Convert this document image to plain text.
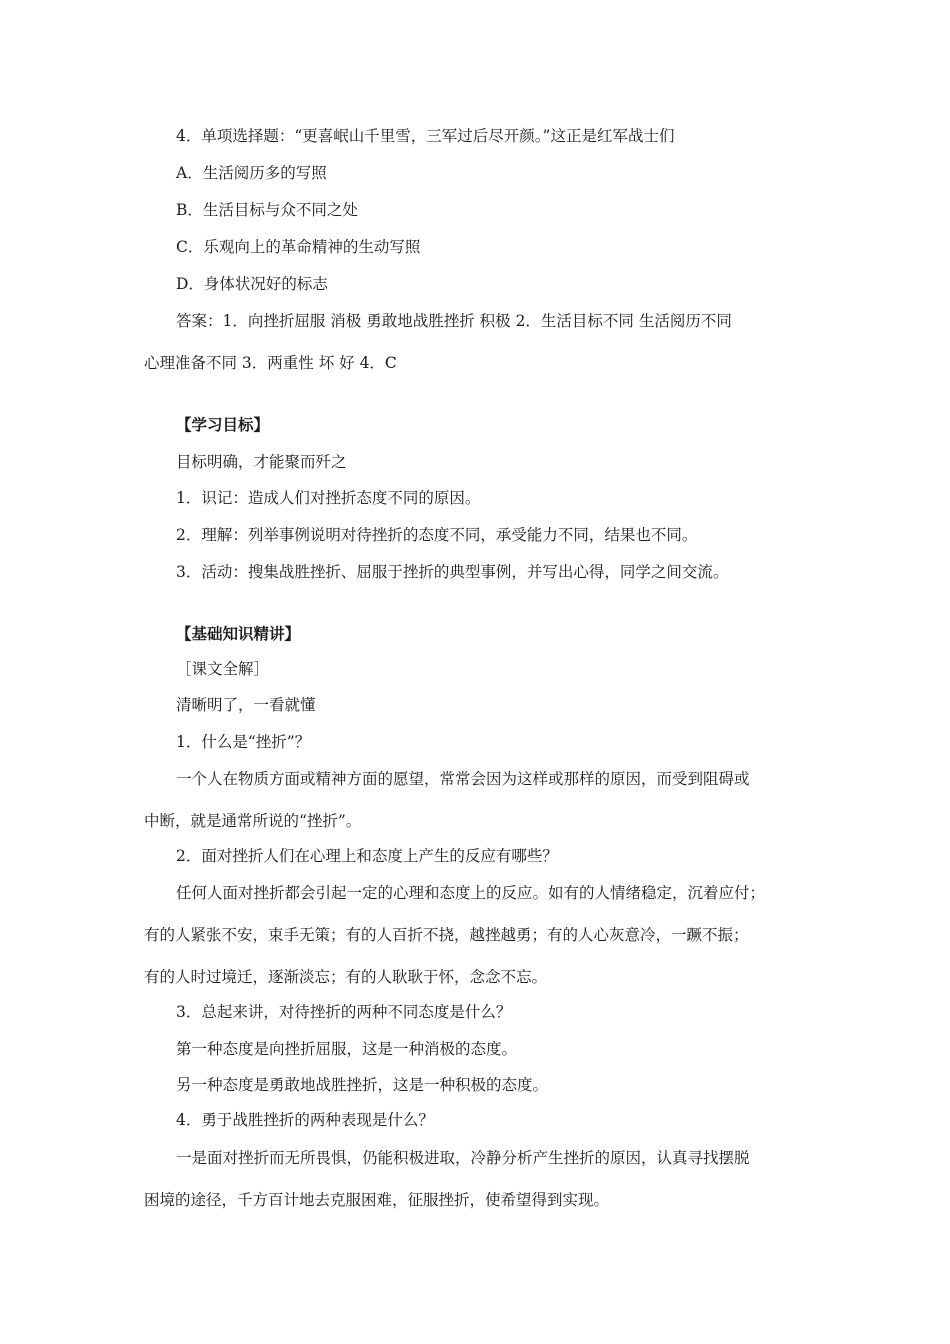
4．单项选择题：“更喜岷山千里雪，三军过后尽开颜。”这正是红军战士们
A．生活阅历多的写照
B．生活目标与众不同之处
C．乐观向上的革命精神的生动写照
D．身体状况好的标志
答案：1．向挫折屈服 消极 勇敢地战胜挫折 积极 2．生活目标不同 生活阅历不同
心理准备不同 3．两重性 坏 好 4．C
【学习目标】
目标明确，才能聚而歼之
1．识记：造成人们对挫折态度不同的原因。
2．理解：列举事例说明对待挫折的态度不同，承受能力不同，结果也不同。
3．活动：搜集战胜挫折、屈服于挫折的典型事例，并写出心得，同学之间交流。
【基础知识精讲】
［课文全解］
清晰明了，一看就懂
1．什么是“挫折”？
一个人在物质方面或精神方面的愿望，常常会因为这样或那样的原因，而受到阻碍或
中断，就是通常所说的“挫折”。
2．面对挫折人们在心理上和态度上产生的反应有哪些？
任何人面对挫折都会引起一定的心理和态度上的反应。如有的人情绪稳定，沉着应付；
有的人紧张不安，束手无策；有的人百折不挠，越挫越勇；有的人心灰意冷，一蹶不振；
有的人时过境迁，逐渐淡忘；有的人耿耿于怀，念念不忘。
3．总起来讲，对待挫折的两种不同态度是什么？
第一种态度是向挫折屈服，这是一种消极的态度。
另一种态度是勇敢地战胜挫折，这是一种积极的态度。
4．勇于战胜挫折的两种表现是什么？
一是面对挫折而无所畏惧，仍能积极进取，冷静分析产生挫折的原因，认真寻找摆脱
困境的途径，千方百计地去克服困难，征服挫折，使希望得到实现。
